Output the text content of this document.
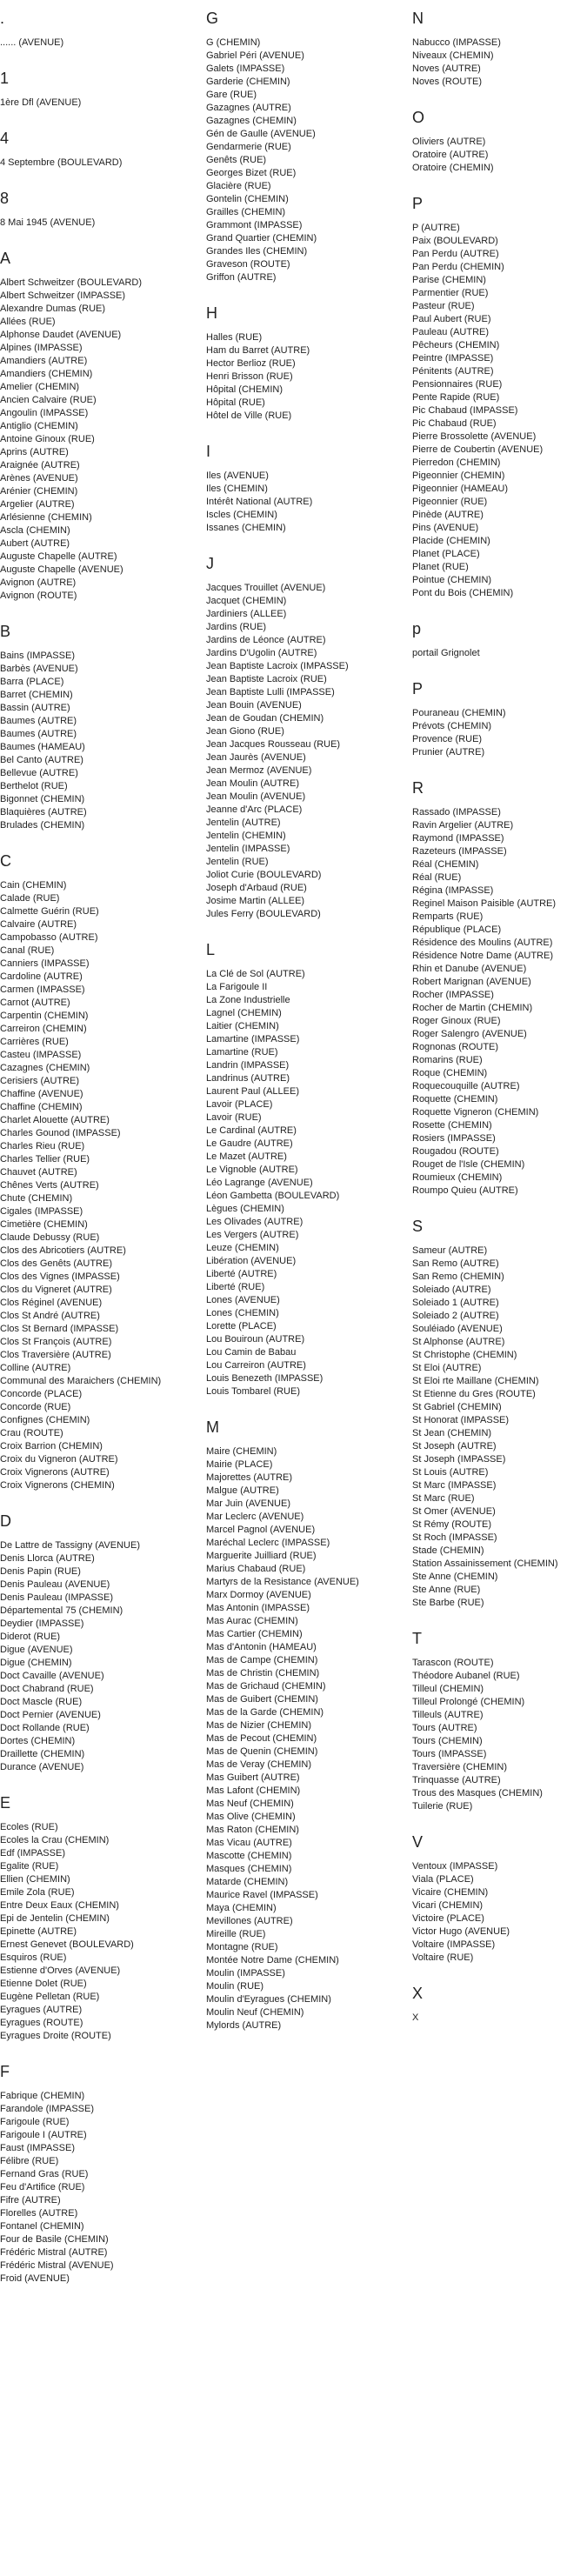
.
...... (AVENUE)
1
1ère Dfl (AVENUE)
4
4 Septembre (BOULEVARD)
8
8 Mai 1945 (AVENUE)
A
Albert Schweitzer (BOULEVARD)
Albert Schweitzer (IMPASSE)
Alexandre Dumas (RUE)
Allées (RUE)
Alphonse Daudet (AVENUE)
Alpines (IMPASSE)
Amandiers (AUTRE)
Amandiers (CHEMIN)
Amelier (CHEMIN)
Ancien Calvaire (RUE)
Angoulin (IMPASSE)
Antiglio (CHEMIN)
Antoine Ginoux (RUE)
Aprins (AUTRE)
Araignée (AUTRE)
Arènes (AVENUE)
Arénier (CHEMIN)
Argelier (AUTRE)
Arlésienne (CHEMIN)
Ascla (CHEMIN)
Aubert (AUTRE)
Auguste Chapelle (AUTRE)
Auguste Chapelle (AVENUE)
Avignon (AUTRE)
Avignon (ROUTE)
B
Bains (IMPASSE)
Barbès (AVENUE)
Barra (PLACE)
Barret (CHEMIN)
Bassin (AUTRE)
Baumes (AUTRE)
Baumes (AUTRE)
Baumes (HAMEAU)
Bel Canto (AUTRE)
Bellevue (AUTRE)
Berthelot (RUE)
Bigonnet (CHEMIN)
Blaquières (AUTRE)
Brulades (CHEMIN)
C
Cain (CHEMIN)
Calade (RUE)
Calmette Guérin (RUE)
Calvaire (AUTRE)
Campobasso (AUTRE)
Canal (RUE)
Canniers (IMPASSE)
Cardoline (AUTRE)
Carmen (IMPASSE)
Carnot (AUTRE)
Carpentin (CHEMIN)
Carreiron (CHEMIN)
Carrières (RUE)
Casteu (IMPASSE)
Cazagnes (CHEMIN)
Cerisiers (AUTRE)
Chaffine (AVENUE)
Chaffine (CHEMIN)
Charlet Alouette (AUTRE)
Charles Gounod (IMPASSE)
Charles Rieu (RUE)
Charles Tellier (RUE)
Chauvet (AUTRE)
Chênes Verts (AUTRE)
Chute (CHEMIN)
Cigales (IMPASSE)
Cimetière (CHEMIN)
Claude Debussy (RUE)
Clos des Abricotiers (AUTRE)
Clos des Genêts (AUTRE)
Clos des Vignes (IMPASSE)
Clos du Vigneret (AUTRE)
Clos Réginel (AVENUE)
Clos St André (AUTRE)
Clos St Bernard (IMPASSE)
Clos St François (AUTRE)
Clos Traversière (AUTRE)
Colline (AUTRE)
Communal des Maraichers (CHEMIN)
Concorde (PLACE)
Concorde (RUE)
Confignes (CHEMIN)
Crau (ROUTE)
Croix Barrion (CHEMIN)
Croix du Vigneron (AUTRE)
Croix Vignerons (AUTRE)
Croix Vignerons (CHEMIN)
D
De Lattre de Tassigny (AVENUE)
Denis Llorca (AUTRE)
Denis Papin (RUE)
Denis Pauleau (AVENUE)
Denis Pauleau (IMPASSE)
Départemental 75 (CHEMIN)
Deydier (IMPASSE)
Diderot (RUE)
Digue (AVENUE)
Digue (CHEMIN)
Doct Cavaille (AVENUE)
Doct Chabrand (RUE)
Doct Mascle (RUE)
Doct Pernier (AVENUE)
Doct Rollande (RUE)
Dortes (CHEMIN)
Draillette (CHEMIN)
Durance (AVENUE)
E
Ecoles (RUE)
Ecoles la Crau (CHEMIN)
Edf (IMPASSE)
Egalite (RUE)
Ellien (CHEMIN)
Emile Zola (RUE)
Entre Deux Eaux (CHEMIN)
Epi de Jentelin (CHEMIN)
Epinette (AUTRE)
Ernest Genevet (BOULEVARD)
Esquiros (RUE)
Estienne d'Orves (AVENUE)
Etienne Dolet (RUE)
Eugène Pelletan (RUE)
Eyragues (AUTRE)
Eyragues (ROUTE)
Eyragues Droite (ROUTE)
F
Fabrique (CHEMIN)
Farandole (IMPASSE)
Farigoule (RUE)
Farigoule I (AUTRE)
Faust (IMPASSE)
Félibre (RUE)
Fernand Gras (RUE)
Feu d'Artifice (RUE)
Fifre (AUTRE)
Florelles (AUTRE)
Fontanel (CHEMIN)
Four de Basile (CHEMIN)
Frédéric Mistral (AUTRE)
Frédéric Mistral (AVENUE)
Froid (AVENUE)
G
G (CHEMIN)
Gabriel Péri (AVENUE)
Galets (IMPASSE)
Garderie (CHEMIN)
Gare (RUE)
Gazagnes (AUTRE)
Gazagnes (CHEMIN)
Gén de Gaulle (AVENUE)
Gendarmerie (RUE)
Genêts (RUE)
Georges Bizet (RUE)
Glacière (RUE)
Gontelin (CHEMIN)
Grailles (CHEMIN)
Grammont (IMPASSE)
Grand Quartier (CHEMIN)
Grandes Iles (CHEMIN)
Graveson (ROUTE)
Griffon (AUTRE)
H
Halles (RUE)
Ham du Barret (AUTRE)
Hector Berlioz (RUE)
Henri Brisson (RUE)
Hôpital (CHEMIN)
Hôpital (RUE)
Hôtel de Ville (RUE)
I
Iles (AVENUE)
Iles (CHEMIN)
Intérêt National (AUTRE)
Iscles (CHEMIN)
Issanes (CHEMIN)
J
Jacques Trouillet (AVENUE)
Jacquet (CHEMIN)
Jardiniers (ALLEE)
Jardins (RUE)
Jardins de Léonce (AUTRE)
Jardins D'Ugolin (AUTRE)
Jean Baptiste Lacroix (IMPASSE)
Jean Baptiste Lacroix (RUE)
Jean Baptiste Lulli (IMPASSE)
Jean Bouin (AVENUE)
Jean de Goudan (CHEMIN)
Jean Giono (RUE)
Jean Jacques Rousseau (RUE)
Jean Jaurès (AVENUE)
Jean Mermoz (AVENUE)
Jean Moulin (AUTRE)
Jean Moulin (AVENUE)
Jeanne d'Arc (PLACE)
Jentelin (AUTRE)
Jentelin (CHEMIN)
Jentelin (IMPASSE)
Jentelin (RUE)
Joliot Curie (BOULEVARD)
Joseph d'Arbaud (RUE)
Josime Martin (ALLEE)
Jules Ferry (BOULEVARD)
L
La Clé de Sol (AUTRE)
La Farigoule II
La Zone Industrielle
Lagnel (CHEMIN)
Laitier (CHEMIN)
Lamartine (IMPASSE)
Lamartine (RUE)
Landrin (IMPASSE)
Landrinus (AUTRE)
Laurent Paul (ALLEE)
Lavoir (PLACE)
Lavoir (RUE)
Le Cardinal (AUTRE)
Le Gaudre (AUTRE)
Le Mazet (AUTRE)
Le Vignoble (AUTRE)
Léo Lagrange (AVENUE)
Léon Gambetta (BOULEVARD)
Lègues (CHEMIN)
Les Olivades (AUTRE)
Les Vergers (AUTRE)
Leuze (CHEMIN)
Libération (AVENUE)
Liberté (AUTRE)
Liberté (RUE)
Lones (AVENUE)
Lones (CHEMIN)
Lorette (PLACE)
Lou Bouiroun (AUTRE)
Lou Camin de Babau
Lou Carreiron (AUTRE)
Louis Benezeth (IMPASSE)
Louis Tombarel (RUE)
M
Maire (CHEMIN)
Mairie (PLACE)
Majorettes (AUTRE)
Malgue (AUTRE)
Mar Juin (AVENUE)
Mar Leclerc (AVENUE)
Marcel Pagnol (AVENUE)
Maréchal Leclerc (IMPASSE)
Marguerite Juilliard (RUE)
Marius Chabaud (RUE)
Martyrs de la Resistance (AVENUE)
Marx Dormoy (AVENUE)
Mas Antonin (IMPASSE)
Mas Aurac (CHEMIN)
Mas Cartier (CHEMIN)
Mas d'Antonin (HAMEAU)
Mas de Campe (CHEMIN)
Mas de Christin (CHEMIN)
Mas de Grichaud (CHEMIN)
Mas de Guibert (CHEMIN)
Mas de la Garde (CHEMIN)
Mas de Nizier (CHEMIN)
Mas de Pecout (CHEMIN)
Mas de Quenin (CHEMIN)
Mas de Veray (CHEMIN)
Mas Guibert (AUTRE)
Mas Lafont (CHEMIN)
Mas Neuf (CHEMIN)
Mas Olive (CHEMIN)
Mas Raton (CHEMIN)
Mas Vicau (AUTRE)
Mascotte (CHEMIN)
Masques (CHEMIN)
Matarde (CHEMIN)
Maurice Ravel (IMPASSE)
Maya (CHEMIN)
Mevillones (AUTRE)
Mireille (RUE)
Montagne (RUE)
Montée Notre Dame (CHEMIN)
Moulin (IMPASSE)
Moulin (RUE)
Moulin d'Eyragues (CHEMIN)
Moulin Neuf (CHEMIN)
Mylords (AUTRE)
N
Nabucco (IMPASSE)
Niveaux (CHEMIN)
Noves (AUTRE)
Noves (ROUTE)
O
Oliviers (AUTRE)
Oratoire (AUTRE)
Oratoire (CHEMIN)
P
P (AUTRE)
Paix (BOULEVARD)
Pan Perdu (AUTRE)
Pan Perdu (CHEMIN)
Parise (CHEMIN)
Parmentier (RUE)
Pasteur (RUE)
Paul Aubert (RUE)
Pauleau (AUTRE)
Pêcheurs (CHEMIN)
Peintre (IMPASSE)
Pénitents (AUTRE)
Pensionnaires (RUE)
Pente Rapide (RUE)
Pic Chabaud (IMPASSE)
Pic Chabaud (RUE)
Pierre Brossolette (AVENUE)
Pierre de Coubertin (AVENUE)
Pierredon (CHEMIN)
Pigeonnier (CHEMIN)
Pigeonnier (HAMEAU)
Pigeonnier (RUE)
Pinède (AUTRE)
Pins (AVENUE)
Placide (CHEMIN)
Planet (PLACE)
Planet (RUE)
Pointue (CHEMIN)
Pont du Bois (CHEMIN)
p
portail Grignolet
P
Pouraneau (CHEMIN)
Prévots (CHEMIN)
Provence (RUE)
Prunier (AUTRE)
R
Rassado (IMPASSE)
Ravin Argelier (AUTRE)
Raymond (IMPASSE)
Razeteurs (IMPASSE)
Réal (CHEMIN)
Réal (RUE)
Régina (IMPASSE)
Reginel Maison Paisible (AUTRE)
Remparts (RUE)
République (PLACE)
Résidence des Moulins (AUTRE)
Résidence Notre Dame (AUTRE)
Rhin et Danube (AVENUE)
Robert Marignan (AVENUE)
Rocher (IMPASSE)
Rocher de Martin (CHEMIN)
Roger Ginoux (RUE)
Roger Salengro (AVENUE)
Rognonas (ROUTE)
Romarins (RUE)
Roque (CHEMIN)
Roquecouquille (AUTRE)
Roquette (CHEMIN)
Roquette Vigneron (CHEMIN)
Rosette (CHEMIN)
Rosiers (IMPASSE)
Rougadou (ROUTE)
Rouget de l'Isle (CHEMIN)
Roumieux (CHEMIN)
Roumpo Quieu (AUTRE)
S
Sameur (AUTRE)
San Remo (AUTRE)
San Remo (CHEMIN)
Soleiado (AUTRE)
Soleiado 1 (AUTRE)
Soleiado 2 (AUTRE)
Souléiado (AVENUE)
St Alphonse (AUTRE)
St Christophe (CHEMIN)
St Eloi (AUTRE)
St Eloi rte Maillane (CHEMIN)
St Etienne du Gres (ROUTE)
St Gabriel (CHEMIN)
St Honorat (IMPASSE)
St Jean (CHEMIN)
St Joseph (AUTRE)
St Joseph (IMPASSE)
St Louis (AUTRE)
St Marc (IMPASSE)
St Marc (RUE)
St Omer (AVENUE)
St Rémy (ROUTE)
St Roch (IMPASSE)
Stade (CHEMIN)
Station Assainissement (CHEMIN)
Ste Anne (CHEMIN)
Ste Anne (RUE)
Ste Barbe (RUE)
T
Tarascon (ROUTE)
Théodore Aubanel (RUE)
Tilleul (CHEMIN)
Tilleul Prolongé (CHEMIN)
Tilleuls (AUTRE)
Tours (AUTRE)
Tours (CHEMIN)
Tours (IMPASSE)
Traversière (CHEMIN)
Trinquasse (AUTRE)
Trous des Masques (CHEMIN)
Tuilerie (RUE)
V
Ventoux (IMPASSE)
Viala (PLACE)
Vicaire (CHEMIN)
Vicari (CHEMIN)
Victoire (PLACE)
Victor Hugo (AVENUE)
Voltaire (IMPASSE)
Voltaire (RUE)
X
X
